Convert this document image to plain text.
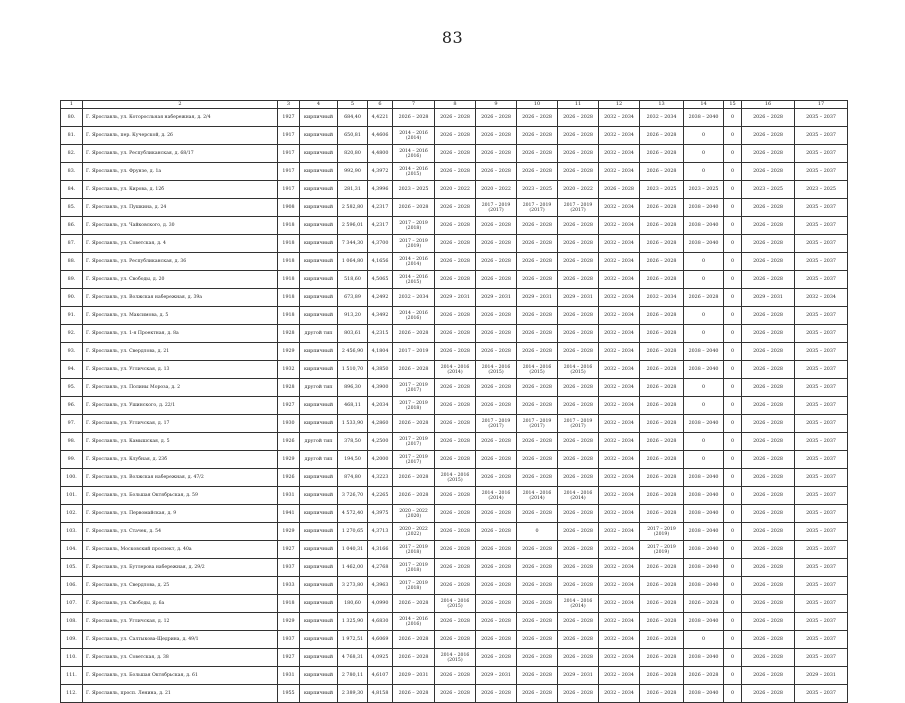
83
1	2	3	4	5	6	7	8	9	10	11	12	13	14	15	16	17
80.	Г. Ярославль, ул. Которосльная набережная, д. 2/4	1927	кирпичный	684,40	4,4221	2026 – 2028	2026 – 2028	2026 – 2028	2026 – 2028	2026 – 2028	2032 – 2034	2032 – 2034	2038 – 2040	0	2026 – 2028	2035 – 2037
81.	Г. Ярославль, пер. Кучерской, д. 26	1917	кирпичный	650,81	4,4606	2014 – 2016 (2014)	2026 – 2028	2026 – 2028	2026 – 2028	2026 – 2028	2032 – 2034	2026 – 2028	0	0	2026 – 2028	2035 – 2037
82.	Г. Ярославль, ул. Республиканская, д. 68/17	1917	кирпичный	820,80	4,4800	2014 – 2016 (2016)	2026 – 2028	2026 – 2028	2026 – 2028	2026 – 2028	2032 – 2034	2026 – 2028	0	0	2026 – 2028	2035 – 2037
83.	Г. Ярославль, ул. Фрунзе, д. 1а	1917	кирпичный	992,90	4,3972	2014 – 2016 (2015)	2026 – 2028	2026 – 2028	2026 – 2028	2026 – 2028	2032 – 2034	2026 – 2028	0	0	2026 – 2028	2035 – 2037
84.	Г. Ярославль, ул. Кирова, д. 12б	1917	кирпичный	281,31	4,3996	2023 – 2025	2020 – 2022	2020 – 2022	2023 – 2025	2020 – 2022	2026 – 2028	2023 – 2025	2023 – 2025	0	2023 – 2025	2023 – 2025
85.	Г. Ярославль, ул. Пушкина, д. 24	1908	кирпичный	2 582,80	4,2317	2026 – 2028	2026 – 2028	2017 – 2019 (2017)	2017 – 2019 (2017)	2017 – 2019 (2017)	2032 – 2034	2026 – 2028	2038 – 2040	0	2026 – 2028	2035 – 2037
86.	Г. Ярославль, ул. Чайковского, д. 30	1918	кирпичный	2 596,01	4,2317	2017 – 2019 (2018)	2026 – 2028	2026 – 2028	2026 – 2028	2026 – 2028	2032 – 2034	2026 – 2028	2038 – 2040	0	2026 – 2028	2035 – 2037
87.	Г. Ярославль, ул. Советская, д. 4	1918	кирпичный	7 344,30	4,3700	2017 – 2019 (2019)	2026 – 2028	2026 – 2028	2026 – 2028	2026 – 2028	2032 – 2034	2026 – 2028	2038 – 2040	0	2026 – 2028	2035 – 2037
88.	Г. Ярославль, ул. Республиканская, д. 36	1918	кирпичный	1 064,80	4,1656	2014 – 2016 (2014)	2026 – 2028	2026 – 2028	2026 – 2028	2026 – 2028	2032 – 2034	2026 – 2028	0	0	2026 – 2028	2035 – 2037
89.	Г. Ярославль, ул. Свободы, д. 20	1918	кирпичный	518,60	4,5065	2014 – 2016 (2015)	2026 – 2028	2026 – 2028	2026 – 2028	2026 – 2028	2032 – 2034	2026 – 2028	0	0	2026 – 2028	2035 – 2037
90.	Г. Ярославль, ул. Волжская набережная, д. 39а	1918	кирпичный	673,89	4,2492	2032 – 2034	2029 – 2031	2029 – 2031	2029 – 2031	2029 – 2031	2032 – 2034	2032 – 2034	2026 – 2028	0	2029 – 2031	2032 – 2034
91.	Г. Ярославль, ул. Максимова, д. 5	1918	кирпичный	913,20	4,3492	2014 – 2016 (2016)	2026 – 2028	2026 – 2028	2026 – 2028	2026 – 2028	2032 – 2034	2026 – 2028	0	0	2026 – 2028	2035 – 2037
92.	Г. Ярославль, ул. 1-я Проектная, д. 8а	1928	другой тип	803,61	4,2315	2026 – 2028	2026 – 2028	2026 – 2028	2026 – 2028	2026 – 2028	2032 – 2034	2026 – 2028	0	0	2026 – 2028	2035 – 2037
93.	Г. Ярославль, ул. Свердлова, д. 21	1929	кирпичный	2 456,90	4,1804	2017 – 2019	2026 – 2028	2026 – 2028	2026 – 2028	2026 – 2028	2032 – 2034	2026 – 2028	2038 – 2040	0	2026 – 2028	2035 – 2037
94.	Г. Ярославль, ул. Угличская, д. 13	1932	кирпичный	1 510,70	4,3850	2026 – 2028	2014 – 2016 (2014)	2014 – 2016 (2015)	2014 – 2016 (2015)	2014 – 2016 (2015)	2032 – 2034	2026 – 2028	2038 – 2040	0	2026 – 2028	2035 – 2037
95.	Г. Ярославль, ул. Полины Мороза, д. 2	1928	другой тип	896,30	4,3900	2017 – 2019 (2017)	2026 – 2028	2026 – 2028	2026 – 2028	2026 – 2028	2032 – 2034	2026 – 2028	0	0	2026 – 2028	2035 – 2037
96.	Г. Ярославль, ул. Ушинского, д. 22/1	1927	кирпичный	468,11	4,2034	2017 – 2019 (2018)	2026 – 2028	2026 – 2028	2026 – 2028	2026 – 2028	2032 – 2034	2026 – 2028	0	0	2026 – 2028	2035 – 2037
97.	Г. Ярославль, ул. Угличская, д. 17	1930	кирпичный	1 533,90	4,2860	2026 – 2028	2026 – 2028	2017 – 2019 (2017)	2017 – 2019 (2017)	2017 – 2019 (2017)	2032 – 2034	2026 – 2028	2038 – 2040	0	2026 – 2028	2035 – 2037
98.	Г. Ярославль, ул. Камышская, д. 5	1926	другой тип	378,50	4,2500	2017 – 2019 (2017)	2026 – 2028	2026 – 2028	2026 – 2028	2026 – 2028	2032 – 2034	2026 – 2028	0	0	2026 – 2028	2035 – 2037
99.	Г. Ярославль, ул. Клубная, д. 23б	1929	другой тип	194,50	4,2000	2017 – 2019 (2017)	2026 – 2028	2026 – 2028	2026 – 2028	2026 – 2028	2032 – 2034	2026 – 2028	0	0	2026 – 2028	2035 – 2037
100.	Г. Ярославль, ул. Волжская набережная, д. 47/2	1926	кирпичный	874,80	4,3223	2026 – 2028	2014 – 2016 (2015)	2026 – 2028	2026 – 2028	2026 – 2028	2032 – 2034	2026 – 2028	2038 – 2040	0	2026 – 2028	2035 – 2037
101.	Г. Ярославль, ул. Большая Октябрьская, д. 59	1931	кирпичный	3 726,70	4,2265	2026 – 2028	2026 – 2028	2014 – 2016 (2014)	2014 – 2016 (2014)	2014 – 2016 (2014)	2032 – 2034	2026 – 2028	2038 – 2040	0	2026 – 2028	2035 – 2037
102.	Г. Ярославль, ул. Первомайская, д. 9	1941	кирпичный	4 572,40	4,3975	2020 – 2022 (2020)	2026 – 2028	2026 – 2028	2026 – 2028	2026 – 2028	2032 – 2034	2026 – 2028	2038 – 2040	0	2026 – 2028	2035 – 2037
103.	Г. Ярославль, ул. Стачек, д. 54	1929	кирпичный	1 270,65	4,3713	2020 – 2022 (2022)	2026 – 2028	2026 – 2028	0	2026 – 2028	2032 – 2034	2017 – 2019 (2019)	2038 – 2040	0	2026 – 2028	2035 – 2037
104.	Г. Ярославль, Московский проспект, д. 40а	1927	кирпичный	1 040,31	4,3166	2017 – 2019 (2018)	2026 – 2028	2026 – 2028	2026 – 2028	2026 – 2028	2032 – 2034	2017 – 2019 (2019)	2038 – 2040	0	2026 – 2028	2035 – 2037
105.	Г. Ярославль, ул. Бутлерова набережная, д. 29/2	1937	кирпичный	1 462,00	4,2768	2017 – 2019 (2018)	2026 – 2028	2026 – 2028	2026 – 2028	2026 – 2028	2032 – 2034	2026 – 2028	2038 – 2040	0	2026 – 2028	2035 – 2037
106.	Г. Ярославль, ул. Свердлова, д. 25	1933	кирпичный	3 273,80	4,3963	2017 – 2019 (2018)	2026 – 2028	2026 – 2028	2026 – 2028	2026 – 2028	2032 – 2034	2026 – 2028	2038 – 2040	0	2026 – 2028	2035 – 2037
107.	Г. Ярославль, ул. Свободы, д. 6а	1918	кирпичный	180,60	4,0990	2026 – 2028	2014 – 2016 (2015)	2026 – 2028	2026 – 2028	2014 – 2016 (2014)	2032 – 2034	2026 – 2028	2026 – 2028	0	2026 – 2028	2035 – 2037
108.	Г. Ярославль, ул. Угличская, д. 12	1929	кирпичный	1 325,90	4,6830	2014 – 2016 (2016)	2026 – 2028	2026 – 2028	2026 – 2028	2026 – 2028	2032 – 2034	2026 – 2028	2038 – 2040	0	2026 – 2028	2035 – 2037
109.	Г. Ярославль, ул. Салтыкова-Щедрина, д. 49/1	1937	кирпичный	1 972,51	4,6069	2026 – 2028	2026 – 2028	2026 – 2028	2026 – 2028	2026 – 2028	2032 – 2034	2026 – 2028	0	0	2026 – 2028	2035 – 2037
110.	Г. Ярославль, ул. Советская, д. 38	1927	кирпичный	4 768,31	4,0925	2026 – 2028	2014 – 2016 (2015)	2026 – 2028	2026 – 2028	2026 – 2028	2032 – 2034	2026 – 2028	2038 – 2040	0	2026 – 2028	2035 – 2037
111.	Г. Ярославль, ул. Большая Октябрьская, д. 61	1931	кирпичный	2 780,11	4,6107	2029 – 2031	2026 – 2028	2029 – 2031	2026 – 2028	2029 – 2031	2032 – 2034	2026 – 2028	2026 – 2028	0	2026 – 2028	2029 – 2031
112.	Г. Ярославль, просп. Ленина, д. 21	1955	кирпичный	2 389,30	4,8158	2026 – 2028	2026 – 2028	2026 – 2028	2026 – 2028	2026 – 2028	2032 – 2034	2026 – 2028	2038 – 2040	0	2026 – 2028	2035 – 2037
